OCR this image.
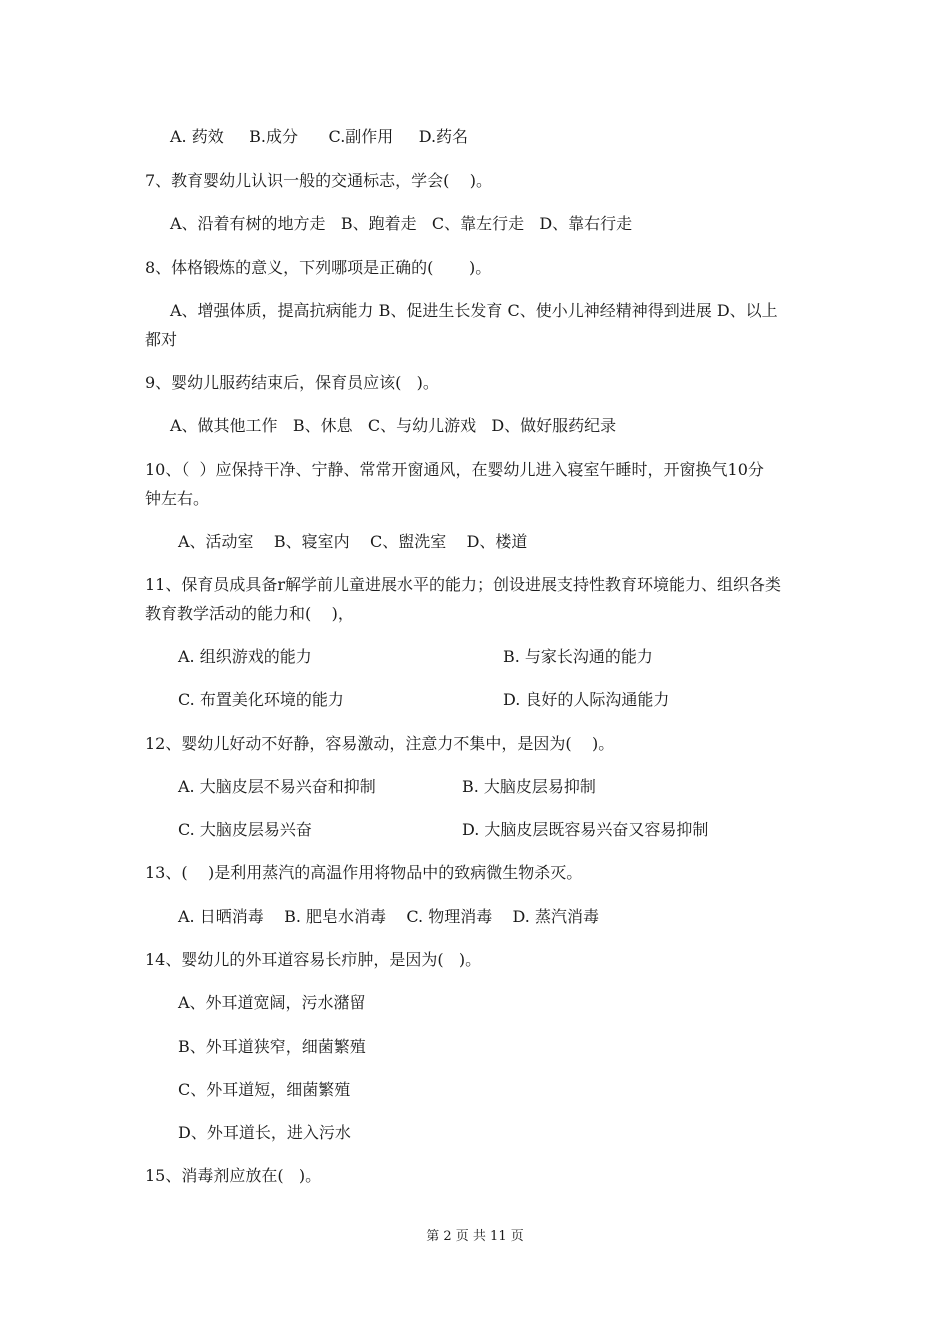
A. 药效     B.成分      C.副作用     D.药名
7、教育婴幼儿认识一般的交通标志，学会(    )。
A、沿着有树的地方走   B、跑着走   C、靠左行走   D、靠右行走
8、体格锻炼的意义，下列哪项是正确的(       )。
A、增强体质，提高抗病能力 B、促进生长发育 C、使小儿神经精神得到进展 D、以上
都对
9、婴幼儿服药结束后，保育员应该(   )。
A、做其他工作   B、休息   C、与幼儿游戏   D、做好服药纪录
10、（  ）应保持干净、宁静、常常开窗通风，在婴幼儿进入寝室午睡时，开窗换气10分
钟左右。
A、活动室    B、寝室内    C、盥洗室    D、楼道
11、保育员成具备r解学前儿童进展水平的能力；创设进展支持性教育环境能力、组织各类
教育教学活动的能力和(    )，
A. 组织游戏的能力	B. 与家长沟通的能力
C. 布置美化环境的能力	D. 良好的人际沟通能力
12、婴幼儿好动不好静，容易激动，注意力不集中，是因为(    )。
A. 大脑皮层不易兴奋和抑制	B. 大脑皮层易抑制
C. 大脑皮层易兴奋	D. 大脑皮层既容易兴奋又容易抑制
13、(    )是利用蒸汽的高温作用将物品中的致病微生物杀灭。
A. 日晒消毒    B. 肥皂水消毒    C. 物理消毒    D. 蒸汽消毒
14、婴幼儿的外耳道容易长疖肿，是因为(   )。
A、外耳道宽阔，污水潴留
B、外耳道狭窄，细菌繁殖
C、外耳道短，细菌繁殖
D、外耳道长，进入污水
15、消毒剂应放在(   )。
第 2 页 共 11 页
